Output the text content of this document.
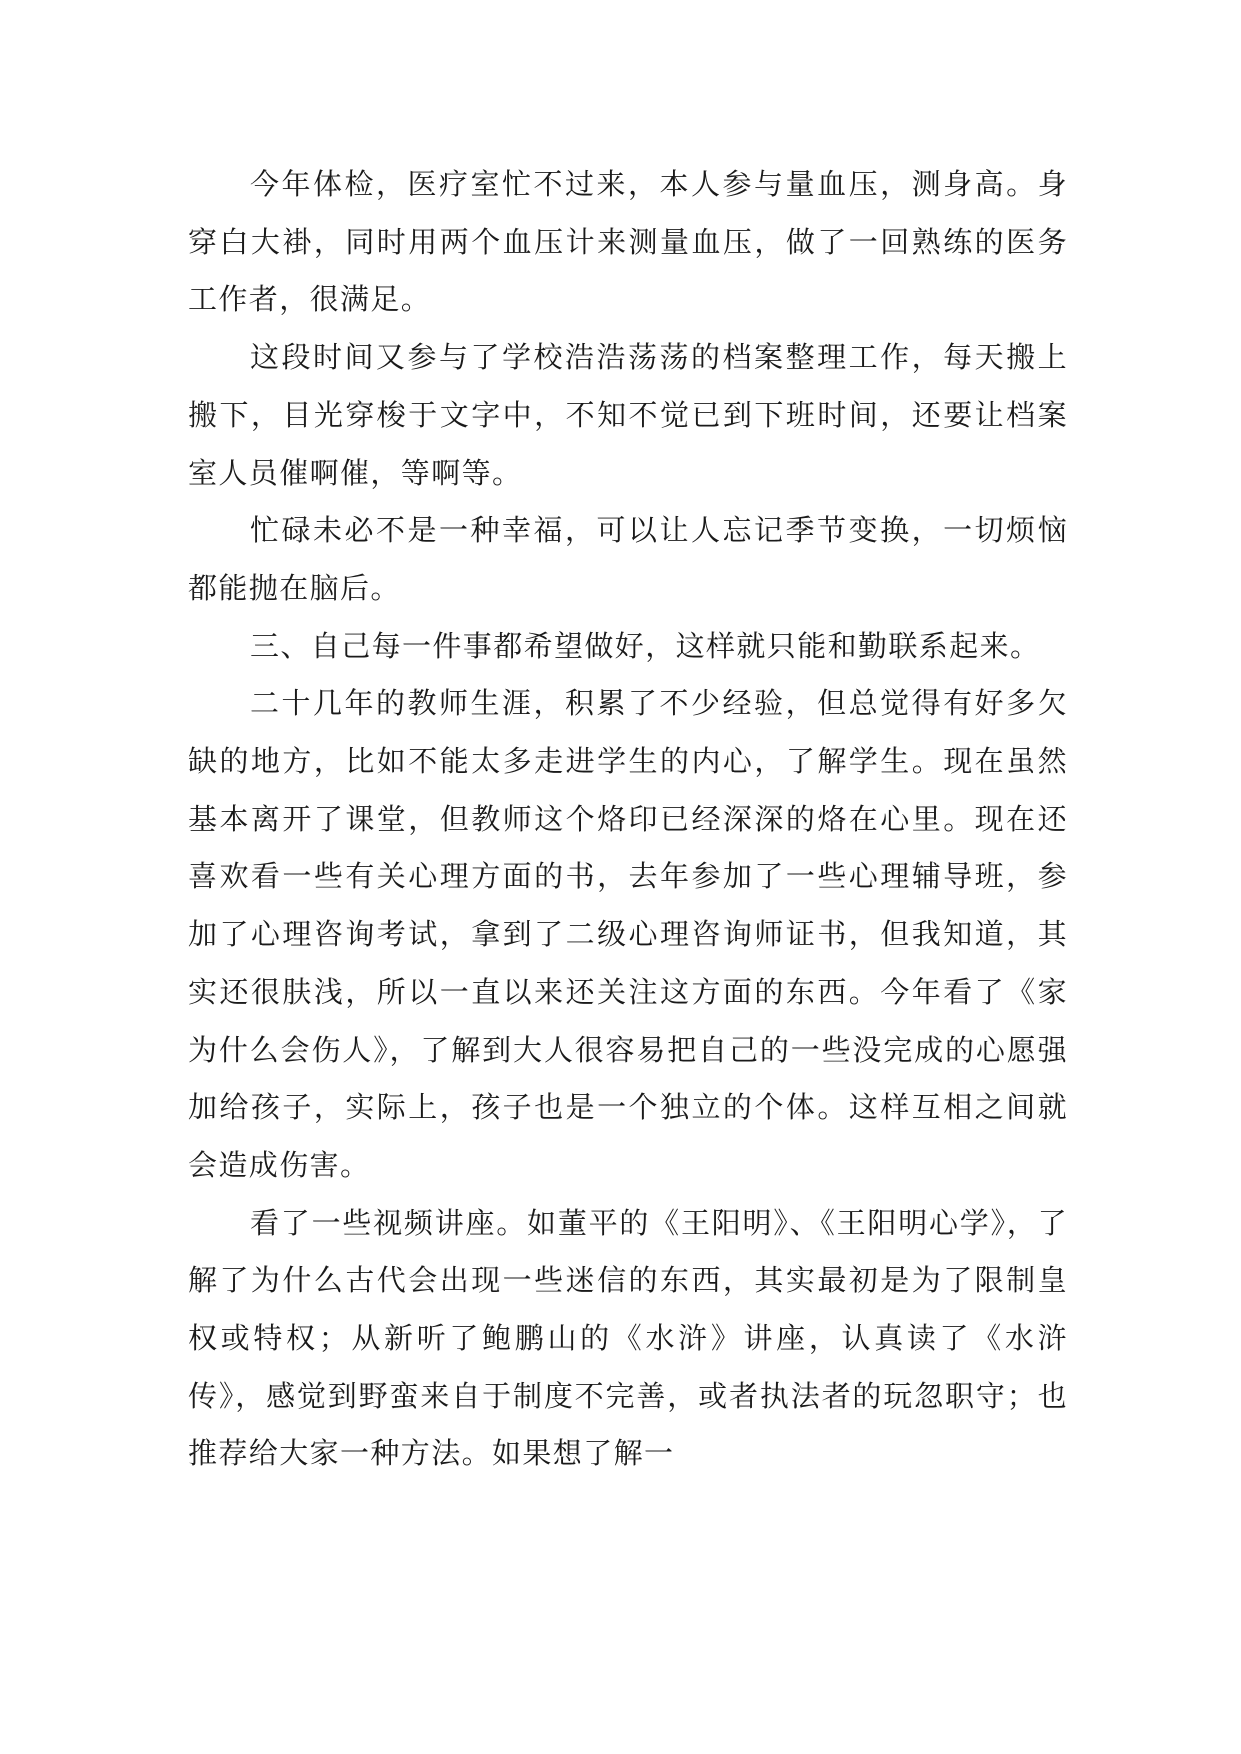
今年体检，医疗室忙不过来，本人参与量血压，测身高。身穿白大褂，同时用两个血压计来测量血压，做了一回熟练的医务工作者，很满足。

这段时间又参与了学校浩浩荡荡的档案整理工作，每天搬上搬下，目光穿梭于文字中，不知不觉已到下班时间，还要让档案室人员催啊催，等啊等。

忙碌未必不是一种幸福，可以让人忘记季节变换，一切烦恼都能抛在脑后。

三、自己每一件事都希望做好，这样就只能和勤联系起来。

二十几年的教师生涯，积累了不少经验，但总觉得有好多欠缺的地方，比如不能太多走进学生的内心，了解学生。现在虽然基本离开了课堂，但教师这个烙印已经深深的烙在心里。现在还喜欢看一些有关心理方面的书，去年参加了一些心理辅导班，参加了心理咨询考试，拿到了二级心理咨询师证书，但我知道，其实还很肤浅，所以一直以来还关注这方面的东西。今年看了《家为什么会伤人》，了解到大人很容易把自己的一些没完成的心愿强加给孩子，实际上，孩子也是一个独立的个体。这样互相之间就会造成伤害。

看了一些视频讲座。如董平的《王阳明》、《王阳明心学》，了解了为什么古代会出现一些迷信的东西，其实最初是为了限制皇权或特权；从新听了鲍鹏山的《水浒》讲座，认真读了《水浒传》，感觉到野蛮来自于制度不完善，或者执法者的玩忽职守；也推荐给大家一种方法。如果想了解一
